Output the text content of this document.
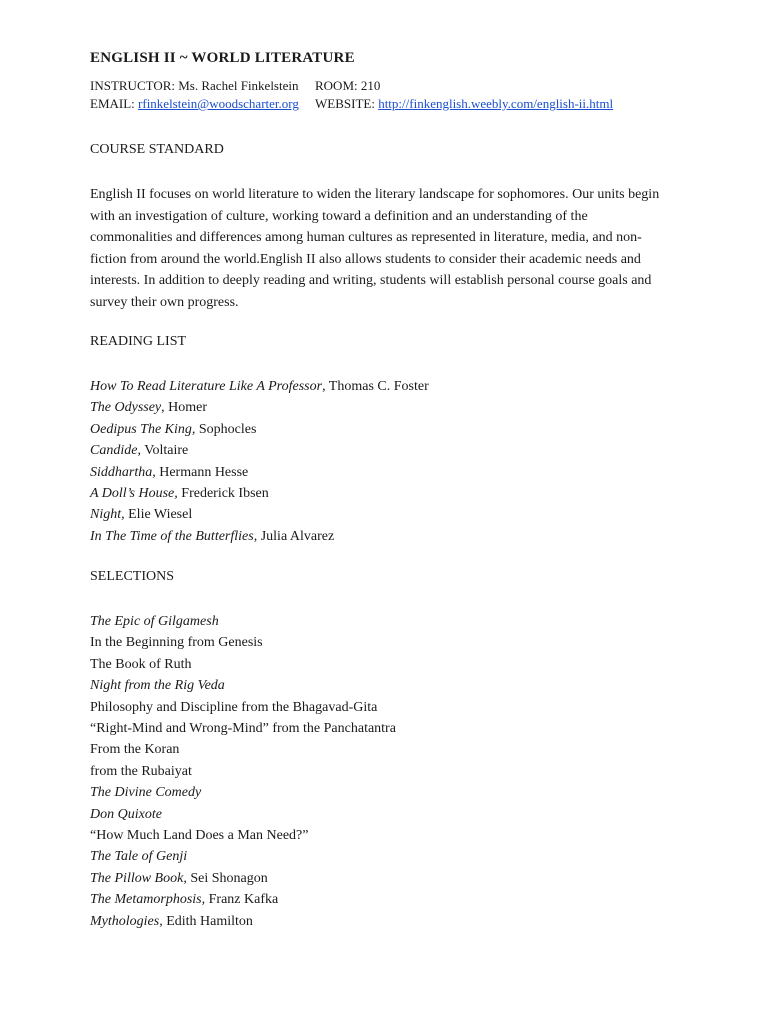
ENGLISH II ~ WORLD LITERATURE
INSTRUCTOR: Ms. Rachel Finkelstein ROOM: 210
EMAIL: rfinkelstein@woodscharter.org WEBSITE: http://finkenglish.weebly.com/english-ii.html
COURSE STANDARD
English II focuses on world literature to widen the literary landscape for sophomores. Our units begin with an investigation of culture, working toward a definition and an understanding of the commonalities and differences among human cultures as represented in literature, media, and non-fiction from around the world.English II also allows students to consider their academic needs and interests. In addition to deeply reading and writing, students will establish personal course goals and survey their own progress.
READING LIST
How To Read Literature Like A Professor, Thomas C. Foster
The Odyssey, Homer
Oedipus The King, Sophocles
Candide, Voltaire
Siddhartha, Hermann Hesse
A Doll’s House, Frederick Ibsen
Night, Elie Wiesel
In The Time of the Butterflies, Julia Alvarez
SELECTIONS
The Epic of Gilgamesh
In the Beginning from Genesis
The Book of Ruth
Night from the Rig Veda
Philosophy and Discipline from the Bhagavad-Gita
“Right-Mind and Wrong-Mind” from the Panchatantra
From the Koran
from the Rubaiyat
The Divine Comedy
Don Quixote
“How Much Land Does a Man Need?”
The Tale of Genji
The Pillow Book, Sei Shonagon
The Metamorphosis, Franz Kafka
Mythologies, Edith Hamilton
